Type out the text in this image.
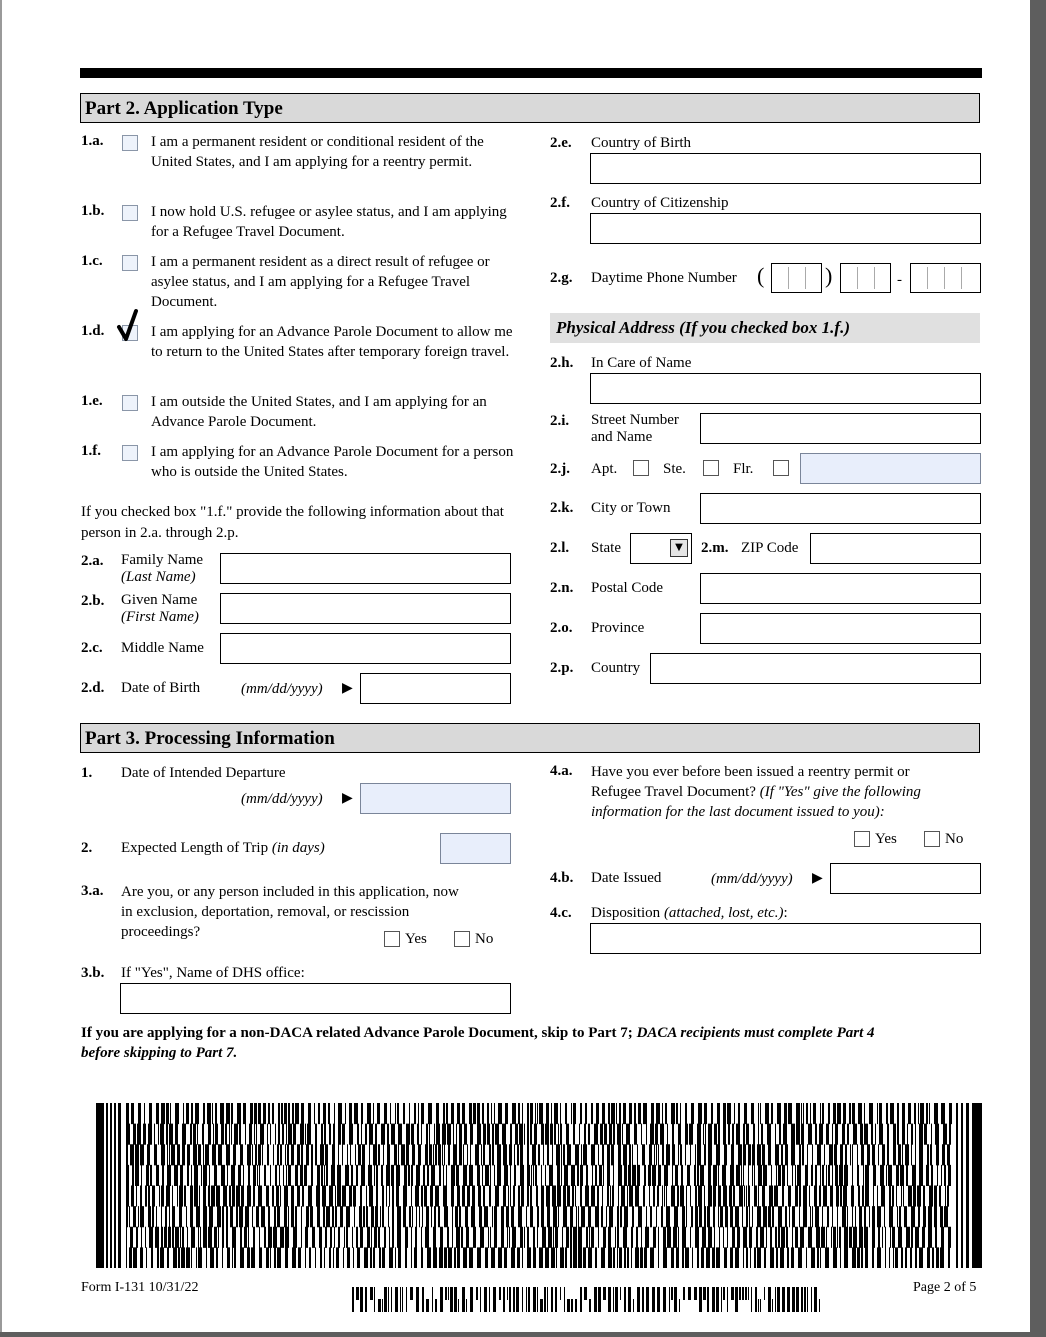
Part 2. Application Type
1.a.	I am a permanent resident or conditional resident of the United States, and I am applying for a reentry permit.
1.b.	I now hold U.S. refugee or asylee status, and I am applying for a Refugee Travel Document.
1.c.	I am a permanent resident as a direct result of refugee or asylee status, and I am applying for a Refugee Travel Document.
1.d.	I am applying for an Advance Parole Document to allow me to return to the United States after temporary foreign travel.
1.e.	I am outside the United States, and I am applying for an Advance Parole Document.
1.f.	I am applying for an Advance Parole Document for a person who is outside the United States.
If you checked box "1.f." provide the following information about that person in 2.a. through 2.p.
2.a. Family Name
(Last Name)
2.b. Given Name
(First Name)
2.c. Middle Name
2.d. Date of Birth	(mm/dd/yyyy) ▶
2.e. Country of Birth
2.f. Country of Citizenship
2.g. Daytime Phone Number (	)	-
Physical Address (If you checked box 1.f.)
2.h. In Care of Name
2.i. Street Number
and Name
2.j. Apt.	Ste.	Flr.
2.k. City or Town
2.l. State	▼	2.m. ZIP Code
2.n. Postal Code
2.o. Province
2.p. Country
Part 3. Processing Information
1. Date of Intended Departure
(mm/dd/yyyy) ▶
2. Expected Length of Trip (in days)
3.a. Are you, or any person included in this application, now
in exclusion, deportation, removal, or rescission
proceedings?	Yes	No
3.b. If "Yes", Name of DHS office:
4.a. Have you ever before been issued a reentry permit or
Refugee Travel Document? (If "Yes" give the following
information for the last document issued to you):
Yes	No
4.b. Date Issued	(mm/dd/yyyy) ▶
4.c. Disposition (attached, lost, etc.):
If you are applying for a non-DACA related Advance Parole Document, skip to Part 7; DACA recipients must complete Part 4
before skipping to Part 7.
Form I-131 10/31/22	Page 2 of 5
